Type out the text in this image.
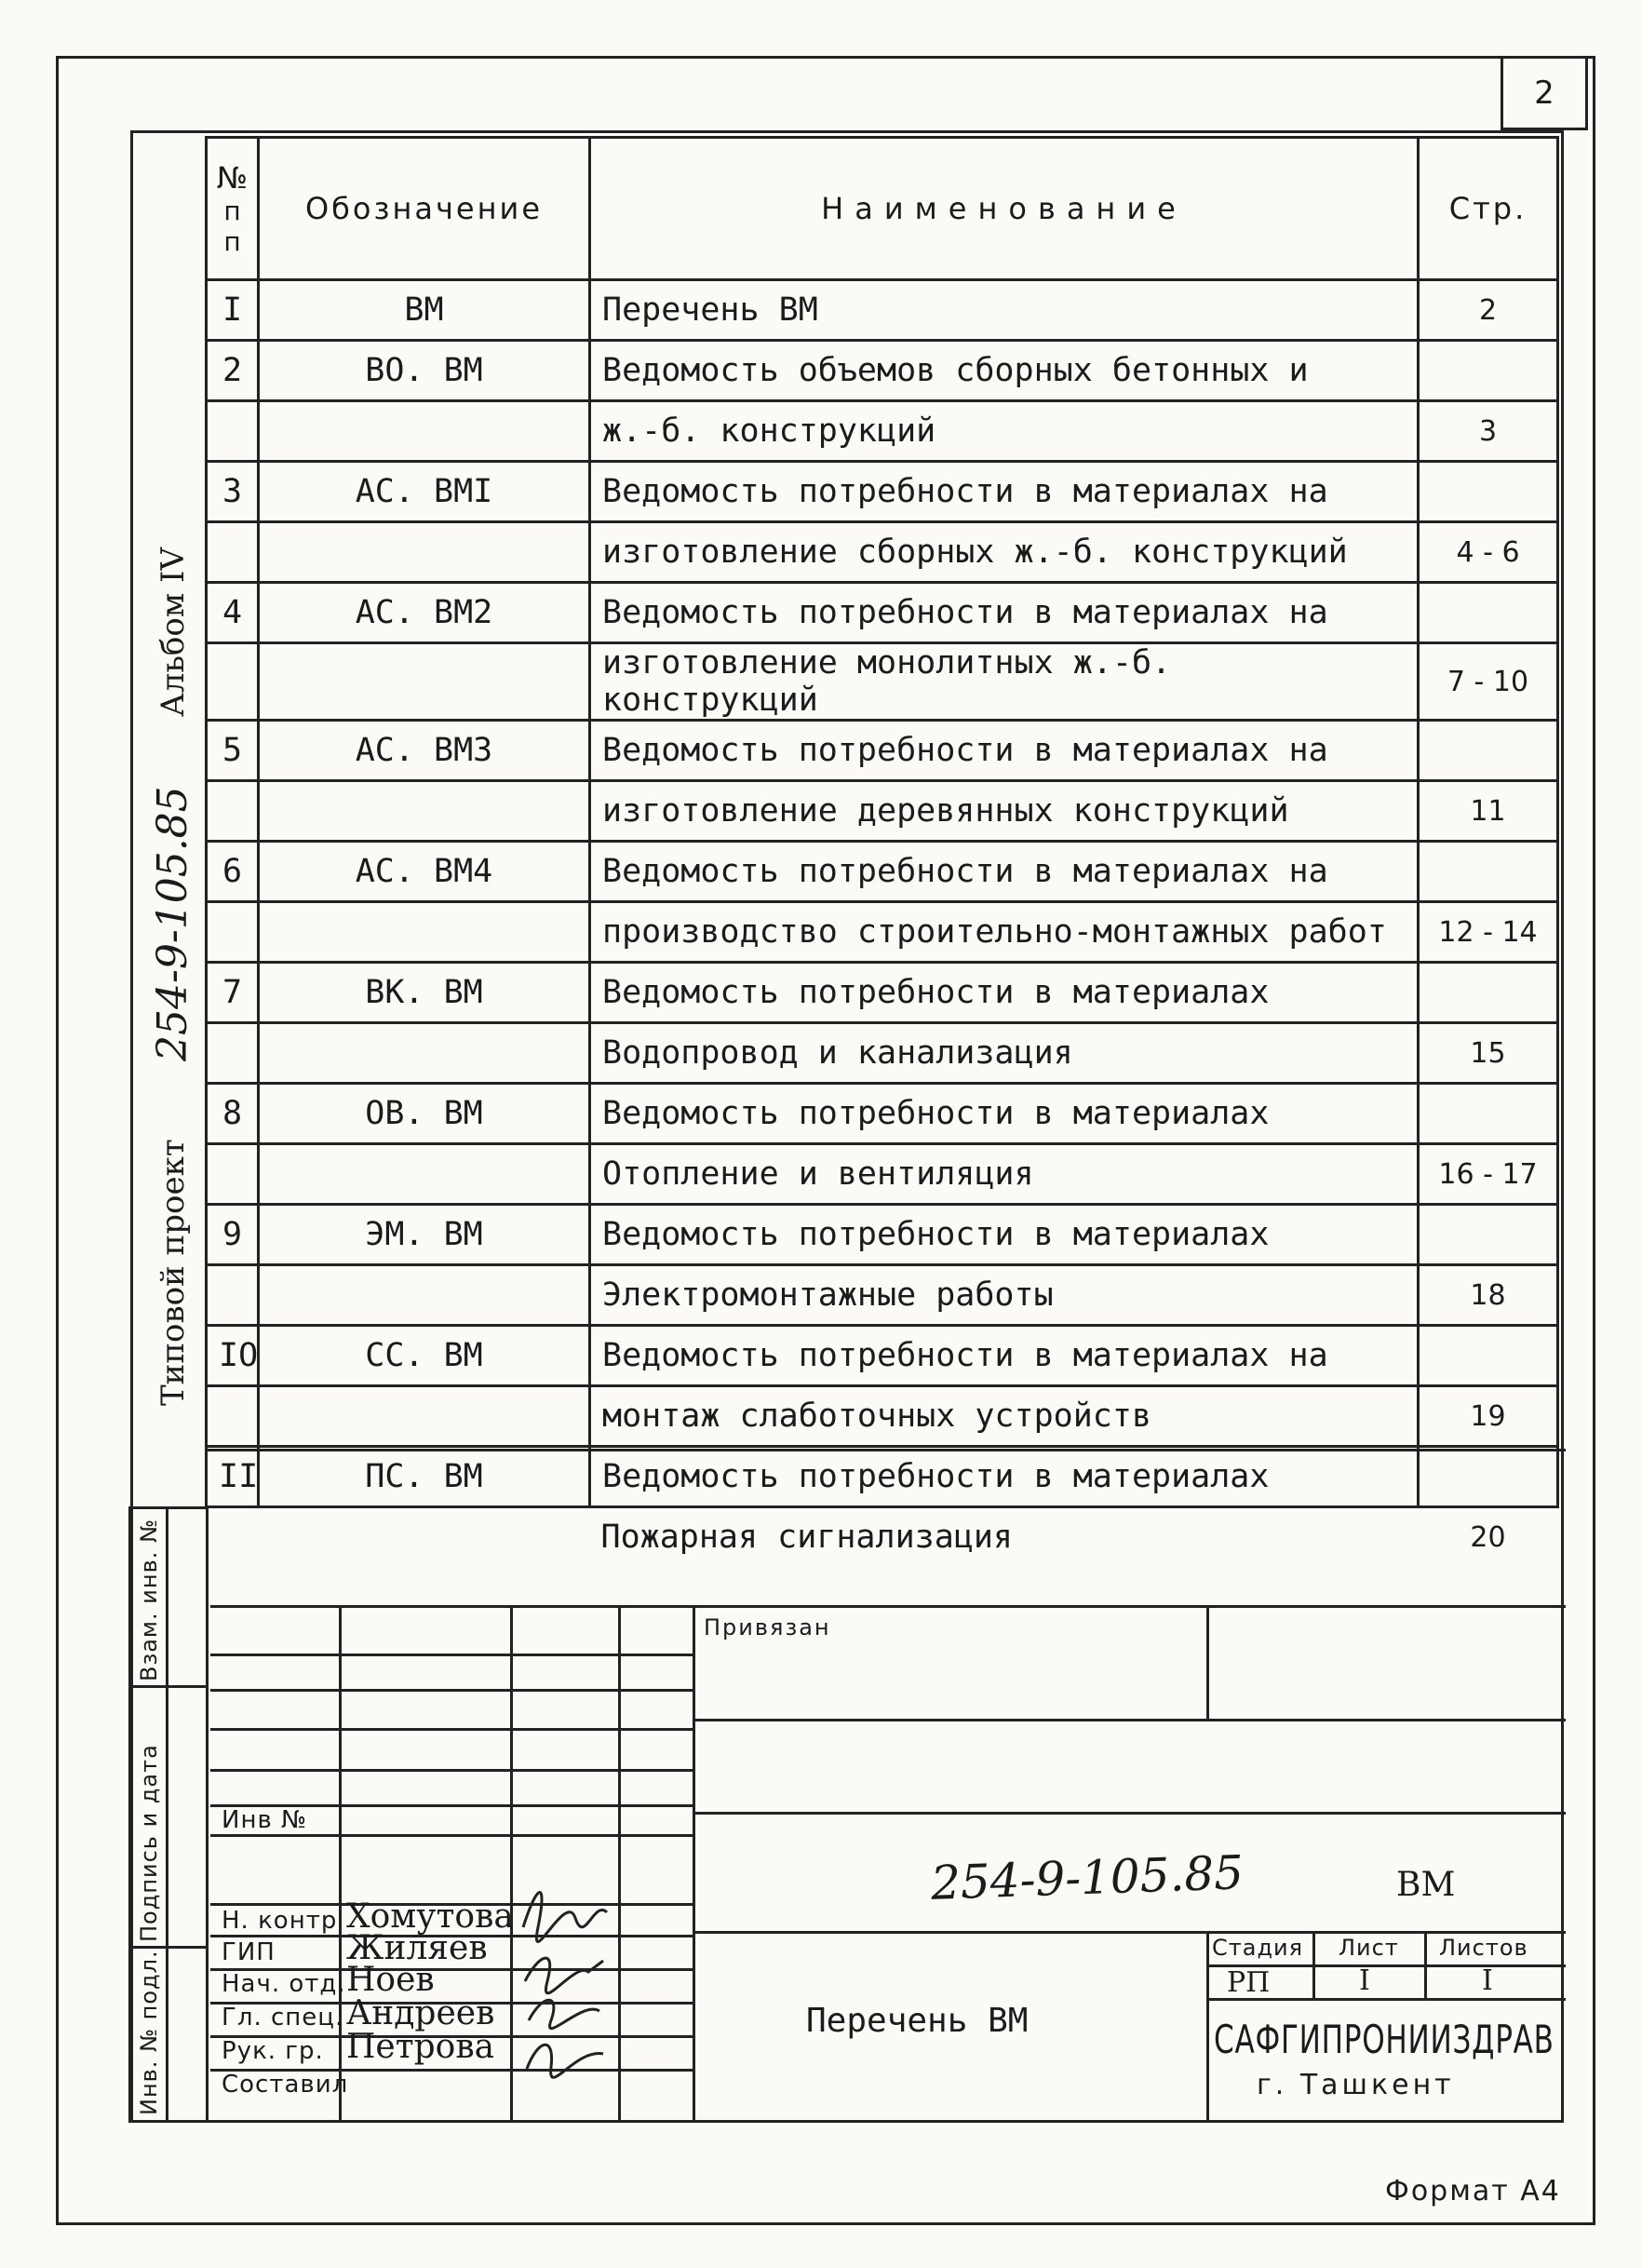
2
№
п п	Обозначение	Наименование	Стр.
I	ВМ	Перечень ВМ	2
2	ВО. ВМ	Ведомость объемов сборных бетонных и	
		ж.-б. конструкций	3
3	АС. ВМI	Ведомость потребности в материалах на	
		изготовление сборных ж.-б. конструкций	4 - 6
4	АС. ВМ2	Ведомость потребности в материалах на	
		изготовление монолитных ж.-б. конструкций	7 - 10
5	АС. ВМ3	Ведомость потребности в материалах на	
		изготовление деревянных конструкций	11
6	АС. ВМ4	Ведомость потребности в материалах на	
		производство строительно-монтажных работ	12 - 14
7	ВК. ВМ	Ведомость потребности в материалах	
		Водопровод и канализация	15
8	ОВ. ВМ	Ведомость потребности в материалах	
		Отопление и вентиляция	16 - 17
9	ЭМ. ВМ	Ведомость потребности в материалах	
		Электромонтажные работы	18
IO	СС. ВМ	Ведомость потребности в материалах на	
		монтаж слаботочных устройств	19
II	ПС. ВМ	Ведомость потребности в материалах	
		Пожарная сигнализация	20
Альбом IV
254-9-105.85
Типовой проект
Взам. инв. №
Подпись и дата
Инв. № подл.
Привязан
Инв №
254-9-105.85	ВМ
Перечень ВМ
Стадия Лист Листов
РП	I	I
САФГИПРОНИИЗДРАВ
г. Ташкент
Н. контр Хомутова
ГИП Жиляев
Нач. отд. Ноев
Гл. спец. Андреев
Рук. гр. Петрова
Составил
Формат А4
